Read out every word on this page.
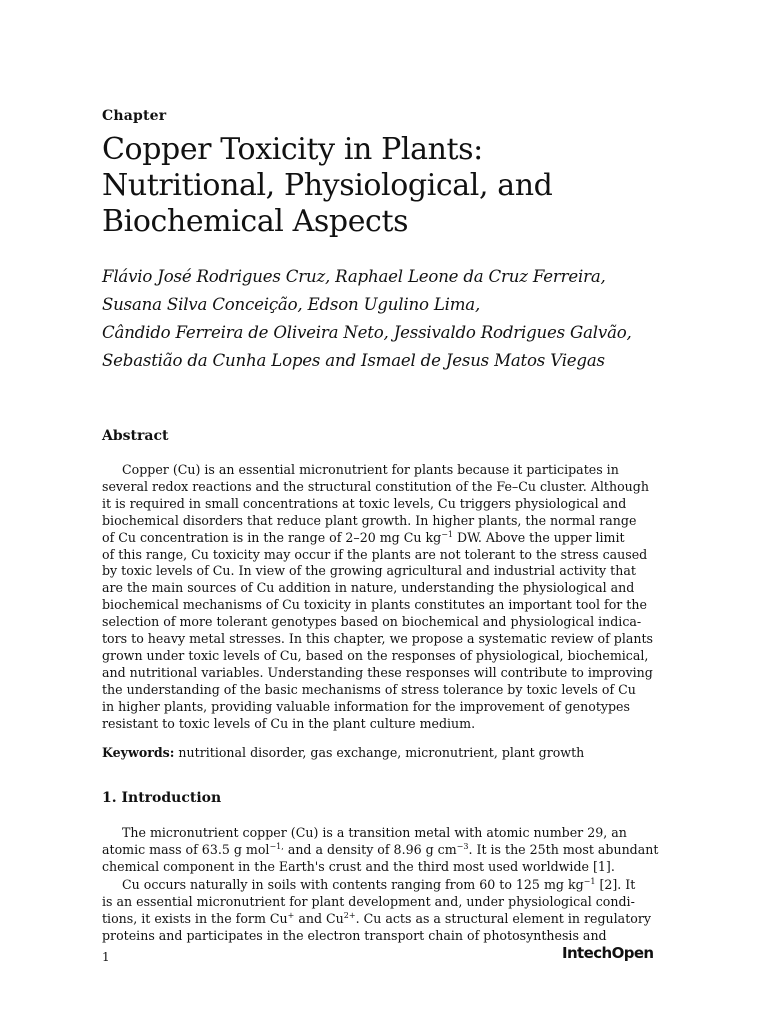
Chapter
Copper Toxicity in Plants:
Nutritional, Physiological, and
Biochemical Aspects
Flávio José Rodrigues Cruz, Raphael Leone da Cruz Ferreira,
Susana Silva Conceição, Edson Ugulino Lima,
Cândido Ferreira de Oliveira Neto, Jessivaldo Rodrigues Galvão,
Sebastião da Cunha Lopes and Ismael de Jesus Matos Viegas
Abstract
Copper (Cu) is an essential micronutrient for plants because it participates in
several redox reactions and the structural constitution of the Fe–Cu cluster. Although
it is required in small concentrations at toxic levels, Cu triggers physiological and
biochemical disorders that reduce plant growth. In higher plants, the normal range
of Cu concentration is in the range of 2–20 mg Cu $kg^{-1}$ DW. Above the upper limit
of this range, Cu toxicity may occur if the plants are not tolerant to the stress caused
by toxic levels of Cu. In view of the growing agricultural and industrial activity that
are the main sources of Cu addition in nature, understanding the physiological and
biochemical mechanisms of Cu toxicity in plants constitutes an important tool for the
selection of more tolerant genotypes based on biochemical and physiological indica-
tors to heavy metal stresses. In this chapter, we propose a systematic review of plants
grown under toxic levels of Cu, based on the responses of physiological, biochemical,
and nutritional variables. Understanding these responses will contribute to improving
the understanding of the basic mechanisms of stress tolerance by toxic levels of Cu
in higher plants, providing valuable information for the improvement of genotypes
resistant to toxic levels of Cu in the plant culture medium.
Keywords: nutritional disorder, gas exchange, micronutrient, plant growth
1. Introduction
The micronutrient copper (Cu) is a transition metal with atomic number 29, an
atomic mass of 63.5 g mol$^{-1,}$ and a density of 8.96 g $cm^{-3}$. It is the 25th most abundant
chemical component in the Earth's crust and the third most used worldwide [1].
Cu occurs naturally in soils with contents ranging from 60 to 125 mg $kg^{-1}$ [2]. It
is an essential micronutrient for plant development and, under physiological condi-
tions, it exists in the form Cu+ and $Cu^{2+}$. Cu acts as a structural element in regulatory
proteins and participates in the electron transport chain of photosynthesis and
1	IntechOpen
